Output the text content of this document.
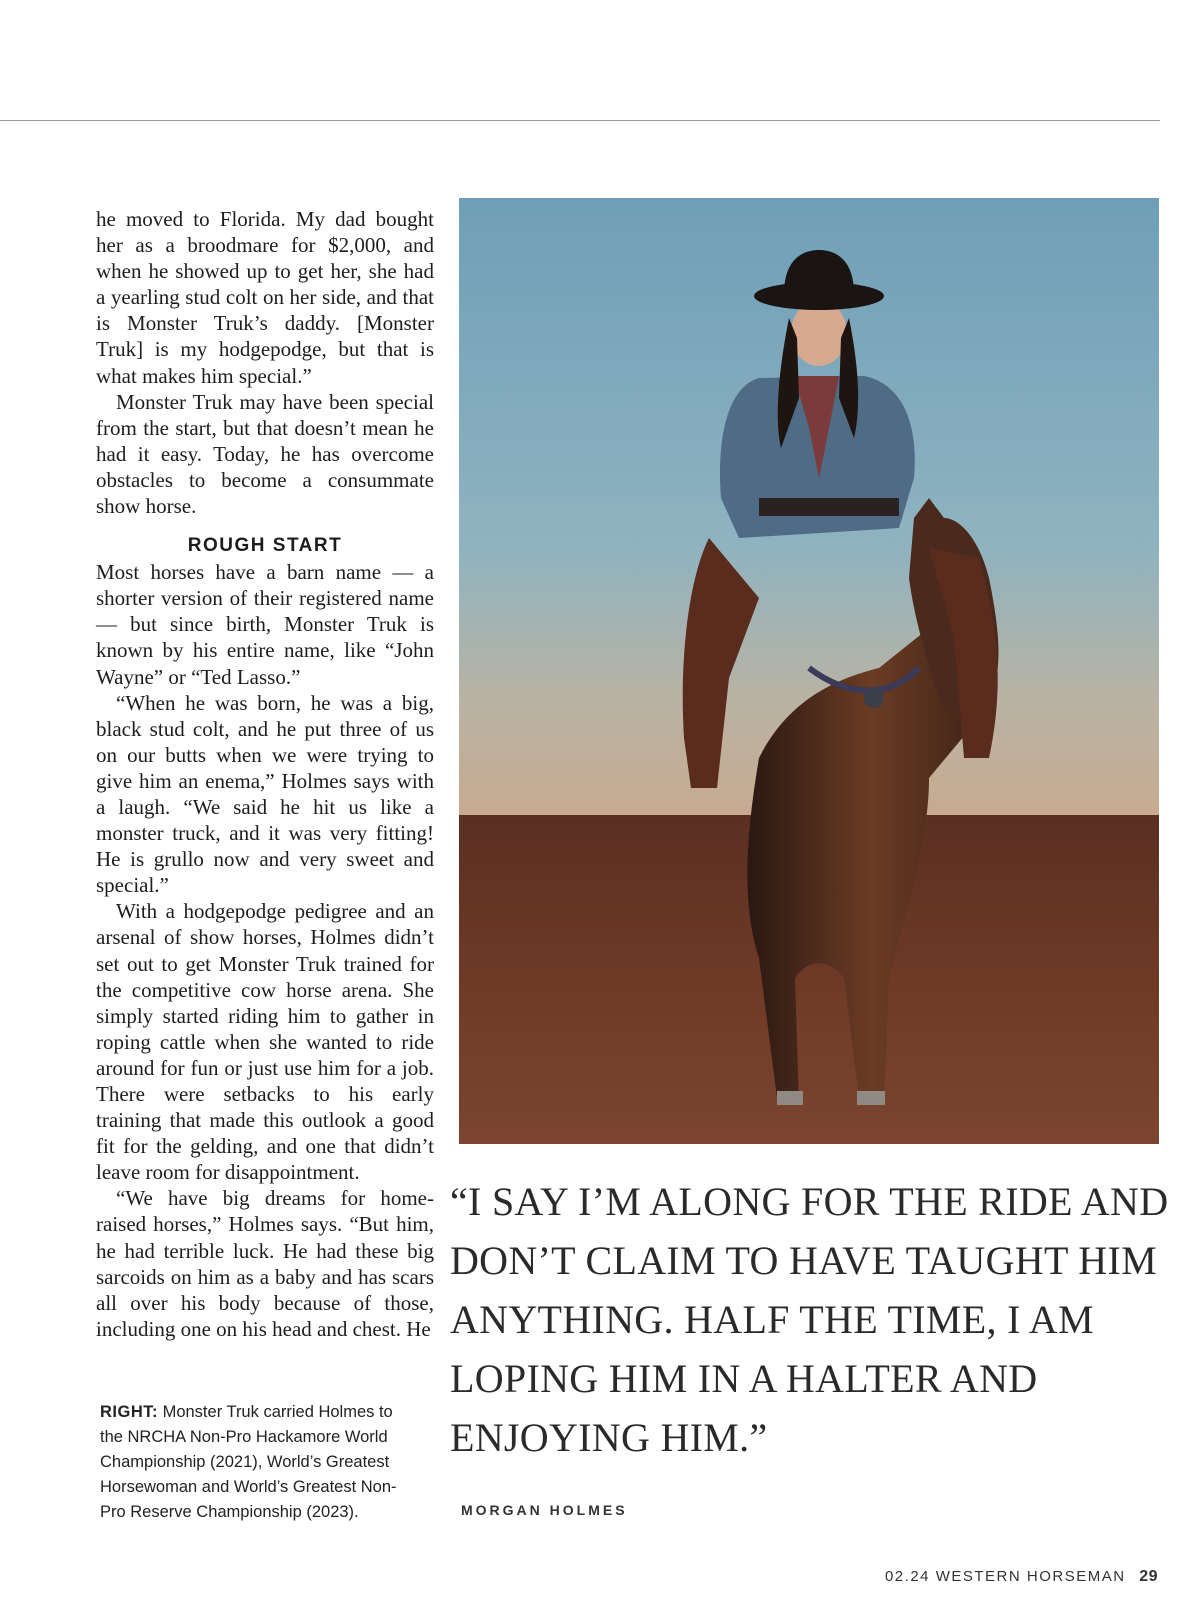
he moved to Florida. My dad bought her as a broodmare for $2,000, and when he showed up to get her, she had a yearling stud colt on her side, and that is Monster Truk’s daddy. [Monster Truk] is my hodgepodge, but that is what makes him special.”

Monster Truk may have been special from the start, but that doesn’t mean he had it easy. Today, he has overcome obstacles to become a consummate show horse.

ROUGH START

Most horses have a barn name — a shorter version of their registered name — but since birth, Monster Truk is known by his entire name, like “John Wayne” or “Ted Lasso.”

“When he was born, he was a big, black stud colt, and he put three of us on our butts when we were trying to give him an enema,” Holmes says with a laugh. “We said he hit us like a monster truck, and it was very fitting! He is grullo now and very sweet and special.”

With a hodgepodge pedigree and an arsenal of show horses, Holmes didn’t set out to get Monster Truk trained for the competitive cow horse arena. She simply started riding him to gather in roping cattle when she wanted to ride around for fun or just use him for a job. There were setbacks to his early training that made this outlook a good fit for the gelding, and one that didn’t leave room for disappointment.

“We have big dreams for home-raised horses,” Holmes says. “But him, he had terrible luck. He had these big sarcoids on him as a baby and has scars all over his body because of those, including one on his head and chest. He

RIGHT: Monster Truk carried Holmes to the NRCHA Non-Pro Hackamore World Championship (2021), World’s Greatest Horsewoman and World’s Greatest Non-Pro Reserve Championship (2023).
“I SAY I’M ALONG FOR THE RIDE AND DON’T CLAIM TO HAVE TAUGHT HIM ANYTHING. HALF THE TIME, I AM LOPING HIM IN A HALTER AND ENJOYING HIM.”
MORGAN HOLMES
02.24 WESTERN HORSEMAN 29
